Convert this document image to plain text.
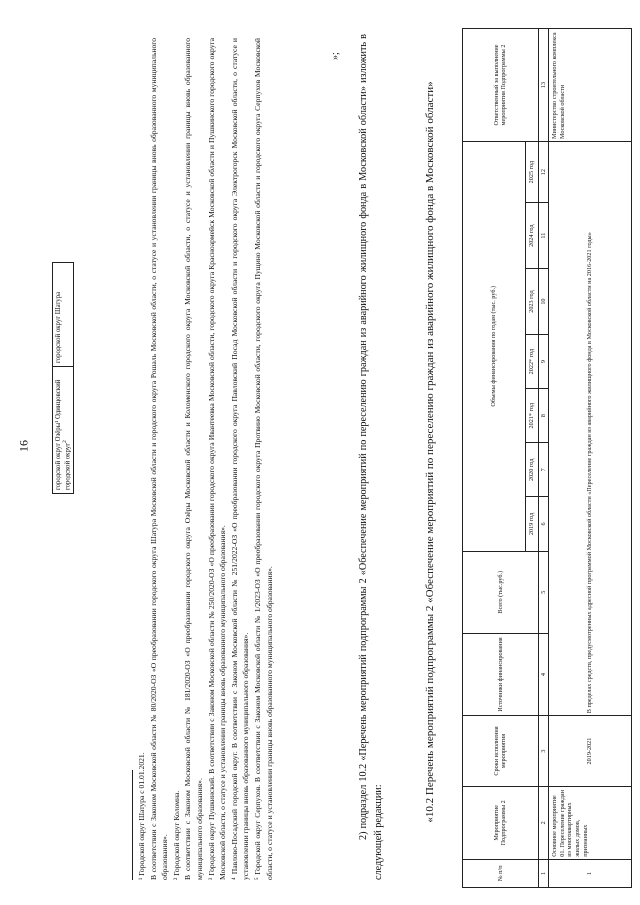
16	городской округ Озёры¹ Одинцовский городской округ$^2$	городской округ Шатура

¹ Городской округ Шатура с 01.01.2021. В соответствии с Законом Московской области № 80/2020-ОЗ «О преобразовании городского округа Шатура Московской области и городского округа Рошаль Московской области, о статусе и установлении границы вновь образованного муниципального образования». ² Городской округ Коломна. В соответствии с Законом Московской области № 181/2020-ОЗ «О преобразовании городского округа Озёры Московской области и Коломенского городского округа Московской области, о статусе и установлении границы вновь образованного муниципального образования». ³ Городской округ Пушкинский. В соответствии с Законом Московской области № 250/2020-ОЗ «О преобразовании городского округа Ивантеевка Московской области, городского округа Красноармейск Московской области и Пушкинского городского округа Московской области, о статусе и установлении границы вновь образованного муниципального образования». ⁴ Павлово-Посадский городской округ. В соответствии с Законом Московской области № 251/2022-ОЗ «О преобразовании городского округа Павловский Посад Московской области и городского округа Электрогорск Московской области, о статусе и установлении границы вновь образованного муниципального образования». ⁵ Городской округ Серпухов. В соответствии с Законом Московской области № 1/2023-ОЗ «О преобразовании городского округа Протвино Московской области, городского округа Пущино Московской области и городского округа Серпухов Московской области, о статусе и установлении границы вновь образованного муниципального образования».

»; 2) подраздел 10.2 «Перечень мероприятий подпрограммы 2 «Обеспечение мероприятий по переселению граждан из аварийного жилищного фонда в Московской области» изложить в следующей редакции:
«10.2 Перечень мероприятий подпрограммы 2 «Обеспечение мероприятий по переселению граждан из аварийного жилищного фонда в Московской области»
№ п/п	Мероприятие Подпрограммы 2	Сроки исполнения мероприятия	Источники финансирования	Всего (тыс.руб.)	Объемы финансирования по годам (тыс. руб.)							Ответственный за выполнение мероприятия Подпрограммы 2
					2019 год	2020 год	2021* год	2022* год	2023 год	2024 год	2025 год	
1	2	3	4	5	6	7	8	9	10	11	12	13
1	Основное мероприятие 01. Переселение граждан из многоквартирных жилых домов, признанных	2019-2021	В пределах средств, предусмотренных адресной программой Московской области «Переселение граждан из аварийного жилищного фонда в Московской области на 2016-2021 годы»									Министерство строительного комплекса Московской области
